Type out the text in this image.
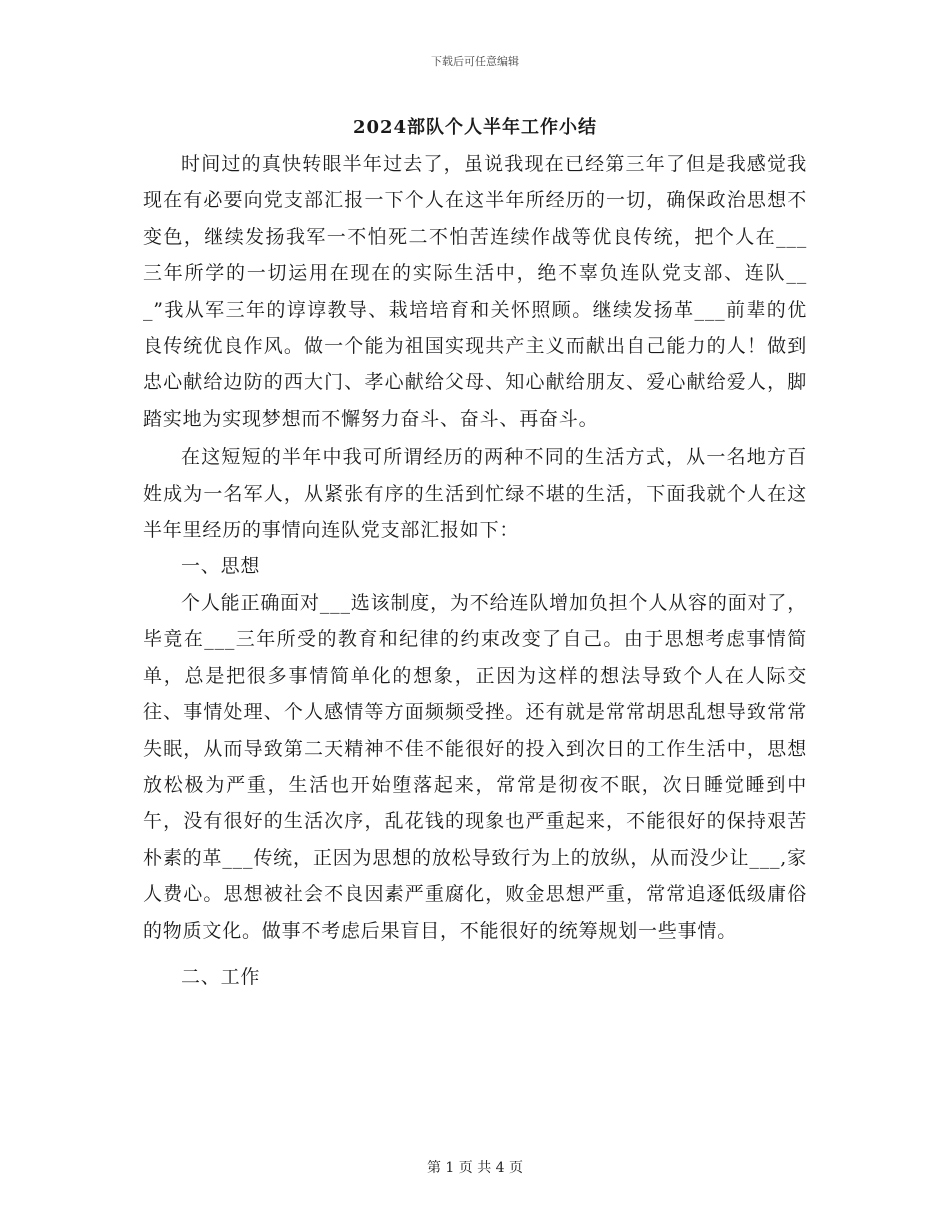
下载后可任意编辑
2024部队个人半年工作小结

时间过的真快转眼半年过去了，虽说我现在已经第三年了但是我感觉我现在有必要向党支部汇报一下个人在这半年所经历的一切，确保政治思想不变色，继续发扬我军一不怕死二不怕苦连续作战等优良传统，把个人在___三年所学的一切运用在现在的实际生活中，绝不辜负连队党支部、连队___”我从军三年的谆谆教导、栽培培育和关怀照顾。继续发扬革___前辈的优良传统优良作风。做一个能为祖国实现共产主义而献出自己能力的人！做到忠心献给边防的西大门、孝心献给父母、知心献给朋友、爱心献给爱人，脚踏实地为实现梦想而不懈努力奋斗、奋斗、再奋斗。

在这短短的半年中我可所谓经历的两种不同的生活方式，从一名地方百姓成为一名军人，从紧张有序的生活到忙绿不堪的生活，下面我就个人在这半年里经历的事情向连队党支部汇报如下：

一、思想

个人能正确面对___选该制度，为不给连队增加负担个人从容的面对了，毕竟在___三年所受的教育和纪律的约束改变了自己。由于思想考虑事情简单，总是把很多事情简单化的想象，正因为这样的想法导致个人在人际交往、事情处理、个人感情等方面频频受挫。还有就是常常胡思乱想导致常常失眠，从而导致第二天精神不佳不能很好的投入到次日的工作生活中，思想放松极为严重，生活也开始堕落起来，常常是彻夜不眠，次日睡觉睡到中午，没有很好的生活次序，乱花钱的现象也严重起来，不能很好的保持艰苦朴素的革___传统，正因为思想的放松导致行为上的放纵，从而没少让___,家人费心。思想被社会不良因素严重腐化，败金思想严重，常常追逐低级庸俗的物质文化。做事不考虑后果盲目，不能很好的统筹规划一些事情。

二、工作

第 1 页 共 4 页
